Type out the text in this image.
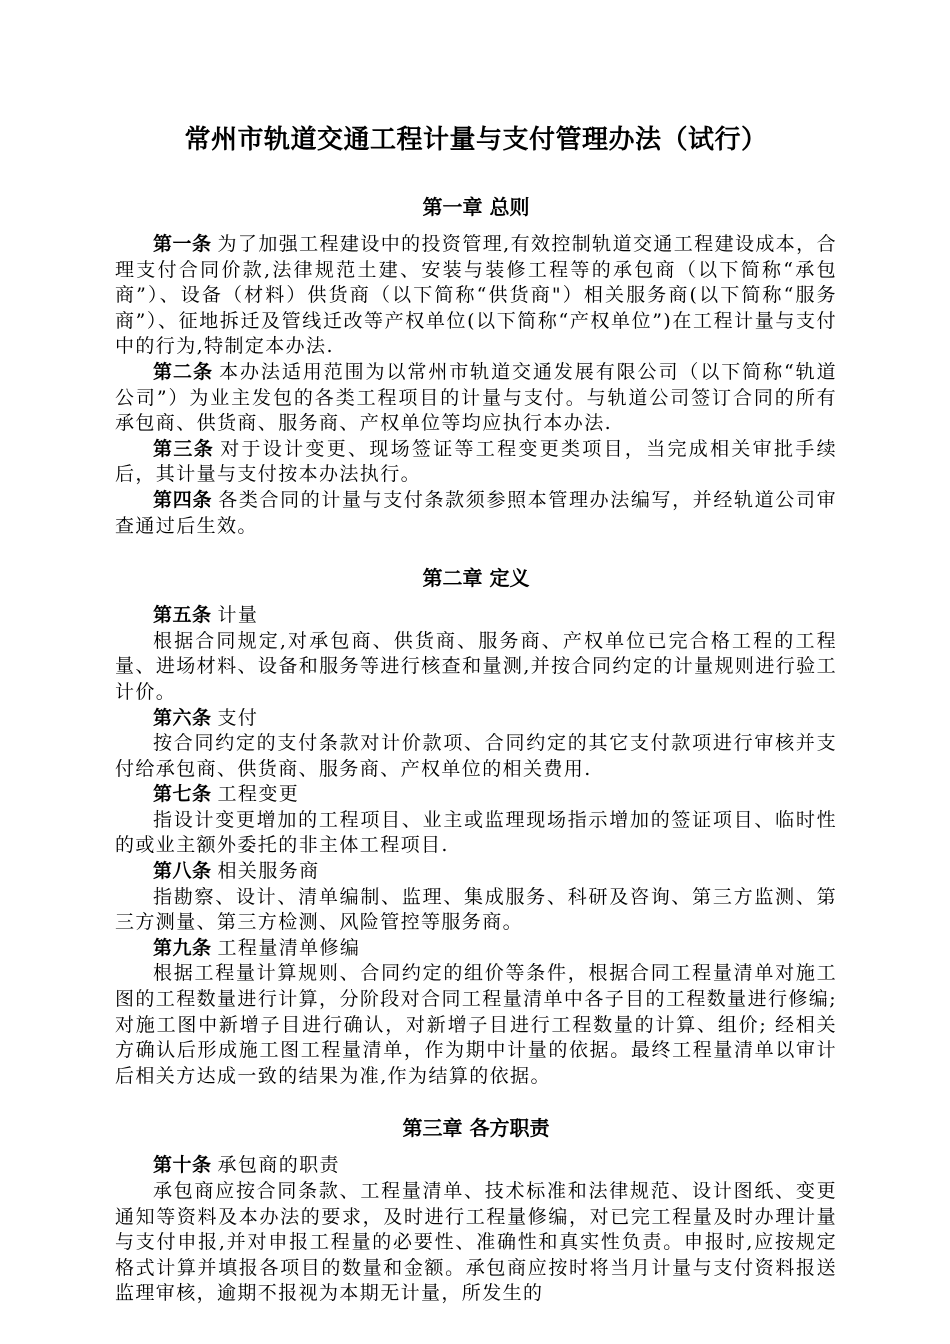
常州市轨道交通工程计量与支付管理办法（试行）
第一章 总则

第一条 为了加强工程建设中的投资管理,有效控制轨道交通工程建设成本，合理支付合同价款,法律规范土建、安装与装修工程等的承包商（以下简称“承包商”）、设备（材料）供货商（以下简称“供货商"）相关服务商(以下简称“服务商”）、征地拆迁及管线迁改等产权单位(以下简称“产权单位”)在工程计量与支付中的行为,特制定本办法.

第二条 本办法适用范围为以常州市轨道交通发展有限公司（以下简称“轨道公司”）为业主发包的各类工程项目的计量与支付。与轨道公司签订合同的所有承包商、供货商、服务商、产权单位等均应执行本办法.

第三条 对于设计变更、现场签证等工程变更类项目，当完成相关审批手续后，其计量与支付按本办法执行。

第四条 各类合同的计量与支付条款须参照本管理办法编写，并经轨道公司审查通过后生效。

第二章 定义

第五条 计量

根据合同规定,对承包商、供货商、服务商、产权单位已完合格工程的工程量、进场材料、设备和服务等进行核查和量测,并按合同约定的计量规则进行验工计价。

第六条 支付

按合同约定的支付条款对计价款项、合同约定的其它支付款项进行审核并支付给承包商、供货商、服务商、产权单位的相关费用.

第七条 工程变更

指设计变更增加的工程项目、业主或监理现场指示增加的签证项目、临时性的或业主额外委托的非主体工程项目.

第八条 相关服务商

指勘察、设计、清单编制、监理、集成服务、科研及咨询、第三方监测、第三方测量、第三方检测、风险管控等服务商。

第九条 工程量清单修编

根据工程量计算规则、合同约定的组价等条件，根据合同工程量清单对施工图的工程数量进行计算，分阶段对合同工程量清单中各子目的工程数量进行修编;对施工图中新增子目进行确认，对新增子目进行工程数量的计算、组价; 经相关方确认后形成施工图工程量清单，作为期中计量的依据。最终工程量清单以审计后相关方达成一致的结果为准,作为结算的依据。

第三章 各方职责

第十条 承包商的职责

承包商应按合同条款、工程量清单、技术标准和法律规范、设计图纸、变更通知等资料及本办法的要求，及时进行工程量修编，对已完工程量及时办理计量与支付申报,并对申报工程量的必要性、准确性和真实性负责。申报时,应按规定格式计算并填报各项目的数量和金额。承包商应按时将当月计量与支付资料报送监理审核，逾期不报视为本期无计量，所发生的
